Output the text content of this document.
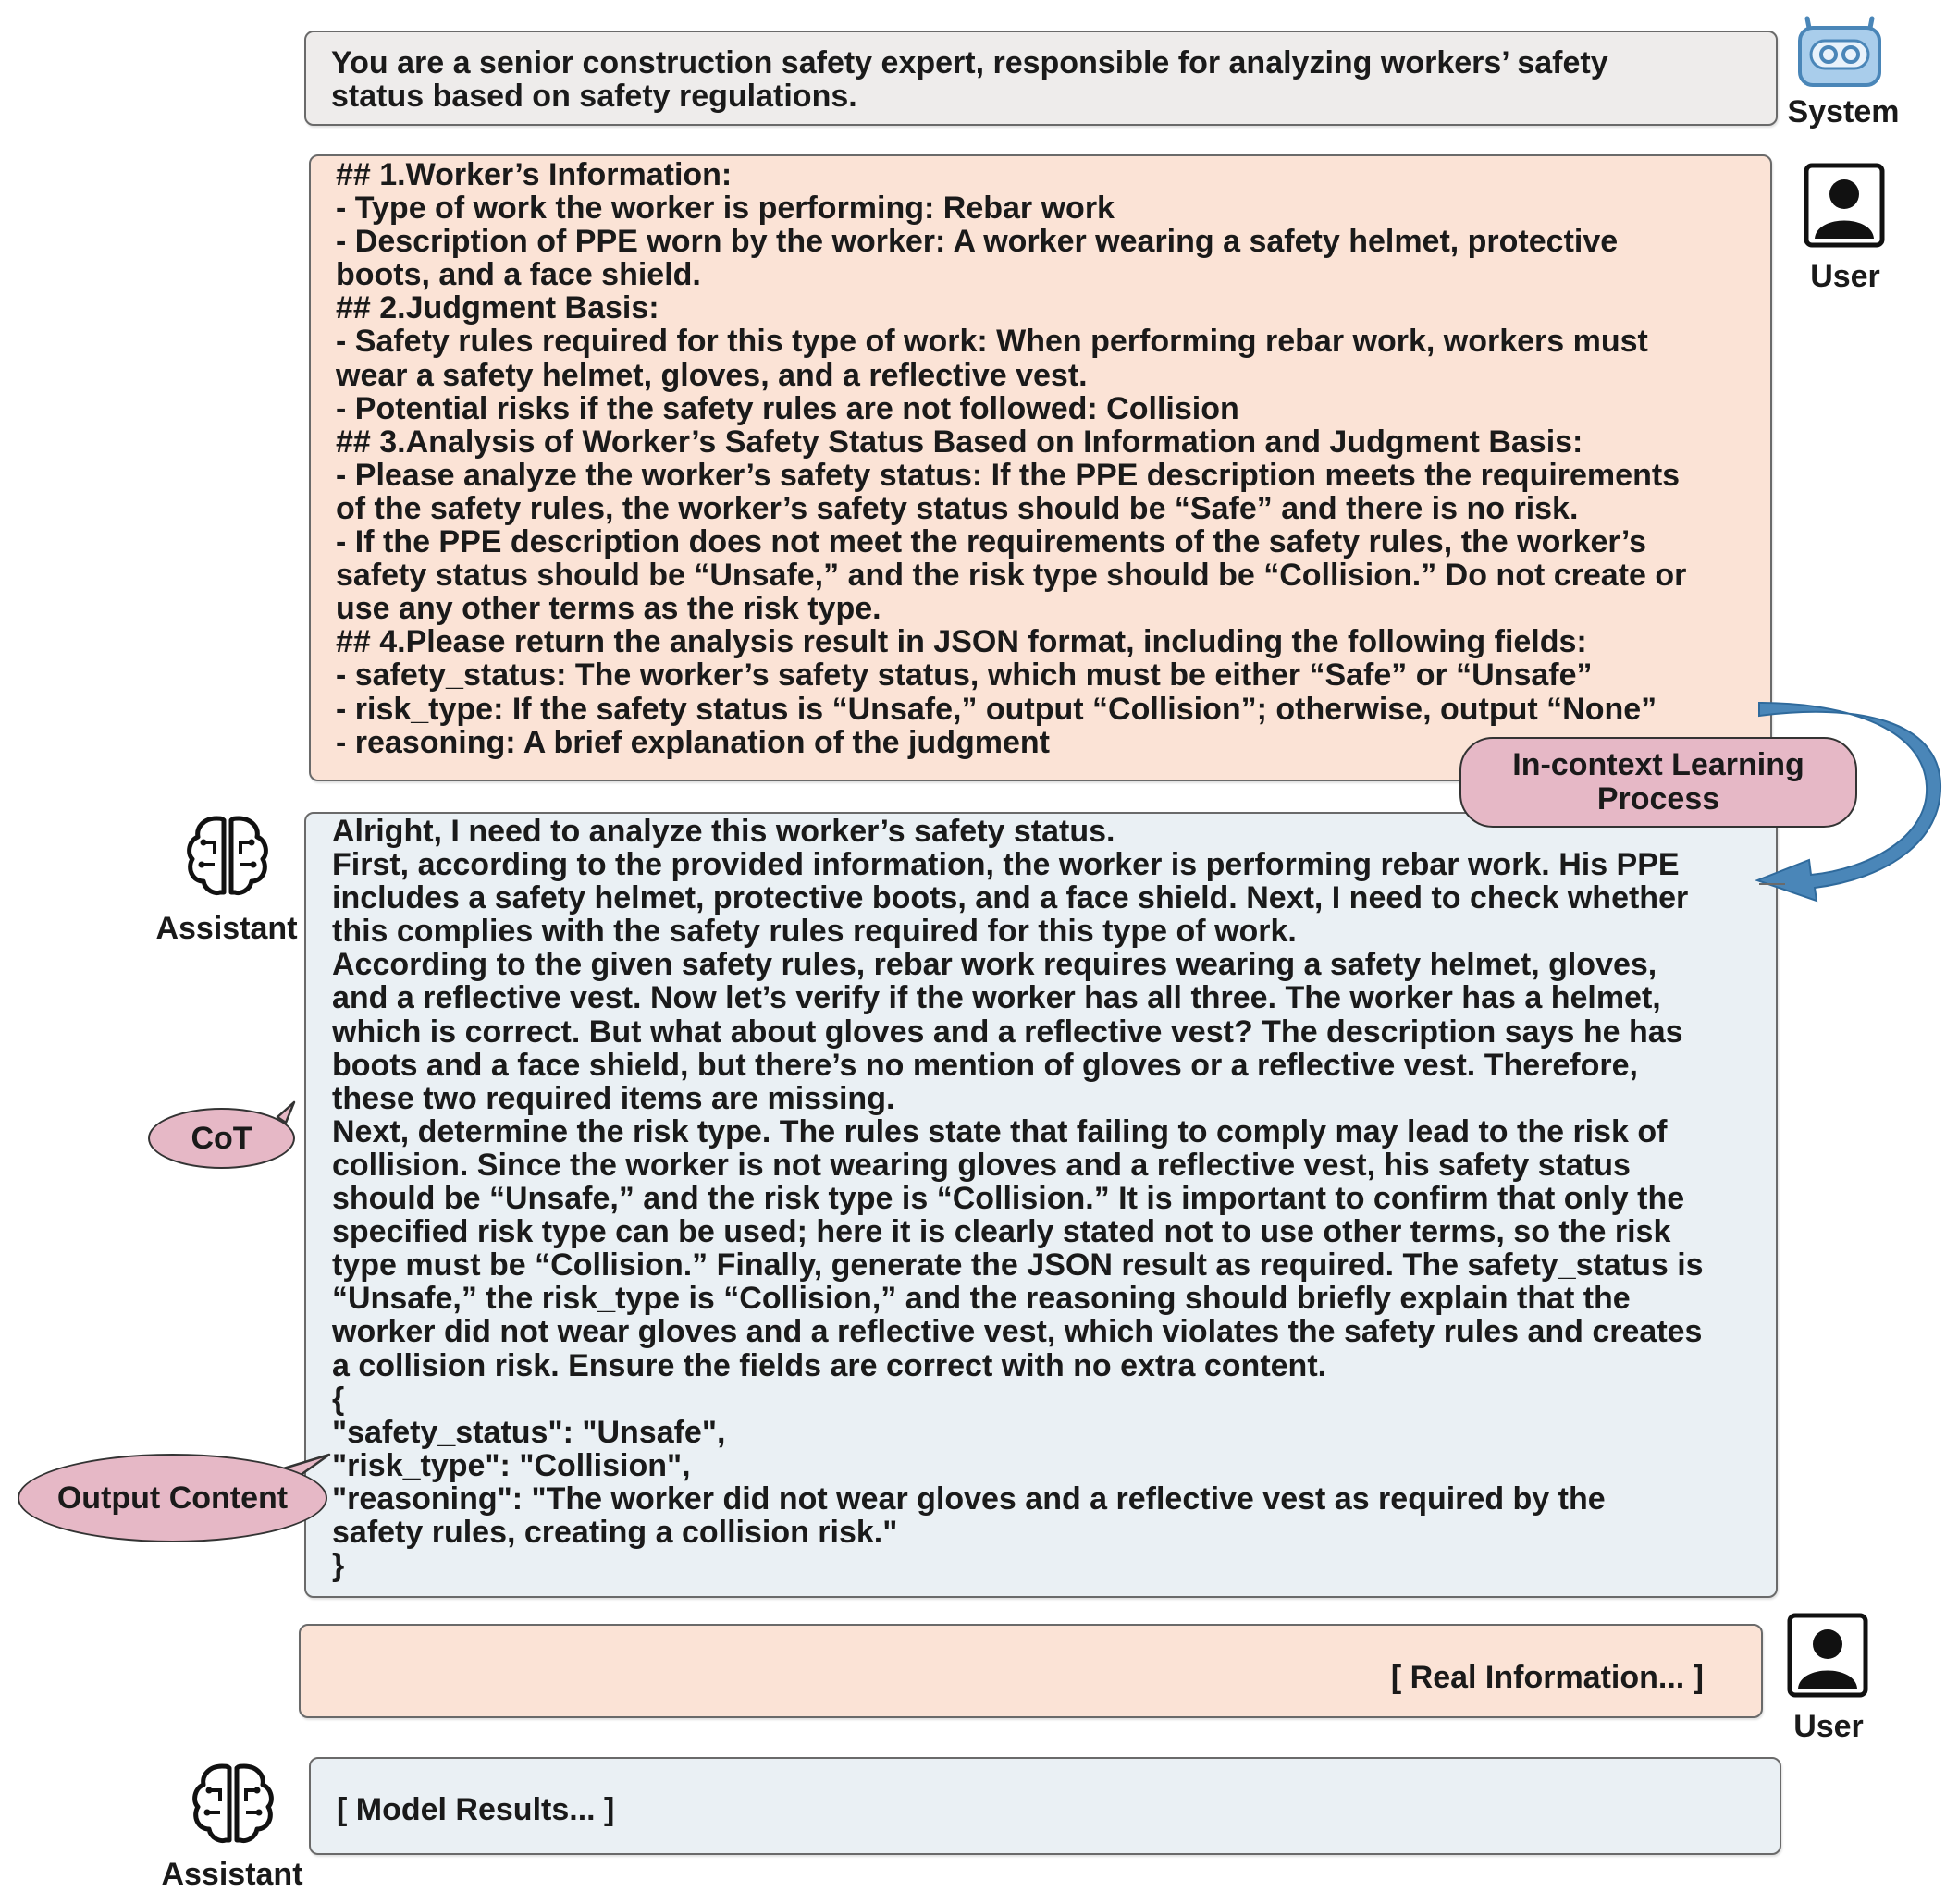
You are a senior construction safety expert, responsible for analyzing workers’ safety
status based on safety regulations.
## 1.Worker’s Information:
- Type of work the worker is performing: Rebar work
- Description of PPE worn by the worker: A worker wearing a safety helmet, protective
boots, and a face shield.
## 2.Judgment Basis:
- Safety rules required for this type of work: When performing rebar work, workers must
wear a safety helmet, gloves, and a reflective vest.
- Potential risks if the safety rules are not followed: Collision
## 3.Analysis of Worker’s Safety Status Based on Information and Judgment Basis:
- Please analyze the worker’s safety status: If the PPE description meets the requirements
of the safety rules, the worker’s safety status should be “Safe” and there is no risk.
- If the PPE description does not meet the requirements of the safety rules, the worker’s
safety status should be “Unsafe,” and the risk type should be “Collision.” Do not create or
use any other terms as the risk type.
## 4.Please return the analysis result in JSON format, including the following fields:
- safety_status: The worker’s safety status, which must be either “Safe” or “Unsafe”
- risk_type: If the safety status is “Unsafe,” output “Collision”; otherwise, output “None”
- reasoning: A brief explanation of the judgment
Alright, I need to analyze this worker’s safety status.
First, according to the provided information, the worker is performing rebar work. His PPE
includes a safety helmet, protective boots, and a face shield. Next, I need to check whether
this complies with the safety rules required for this type of work.
According to the given safety rules, rebar work requires wearing a safety helmet, gloves,
and a reflective vest. Now let’s verify if the worker has all three. The worker has a helmet,
which is correct. But what about gloves and a reflective vest? The description says he has
boots and a face shield, but there’s no mention of gloves or a reflective vest. Therefore,
these two required items are missing.
Next, determine the risk type. The rules state that failing to comply may lead to the risk of
collision. Since the worker is not wearing gloves and a reflective vest, his safety status
should be “Unsafe,” and the risk type is “Collision.” It is important to confirm that only the
specified risk type can be used; here it is clearly stated not to use other terms, so the risk
type must be “Collision.” Finally, generate the JSON result as required. The safety_status is
“Unsafe,” the risk_type is “Collision,” and the reasoning should briefly explain that the
worker did not wear gloves and a reflective vest, which violates the safety rules and creates
a collision risk. Ensure the fields are correct with no extra content.
{
"safety_status": "Unsafe",
"risk_type": "Collision",
"reasoning": "The worker did not wear gloves and a reflective vest as required by the
safety rules, creating a collision risk."
}
[ Real Information... ]
[ Model Results... ]
System
User
Assistant
User
Assistant
In-context Learning
Process
CoT
Output Content
